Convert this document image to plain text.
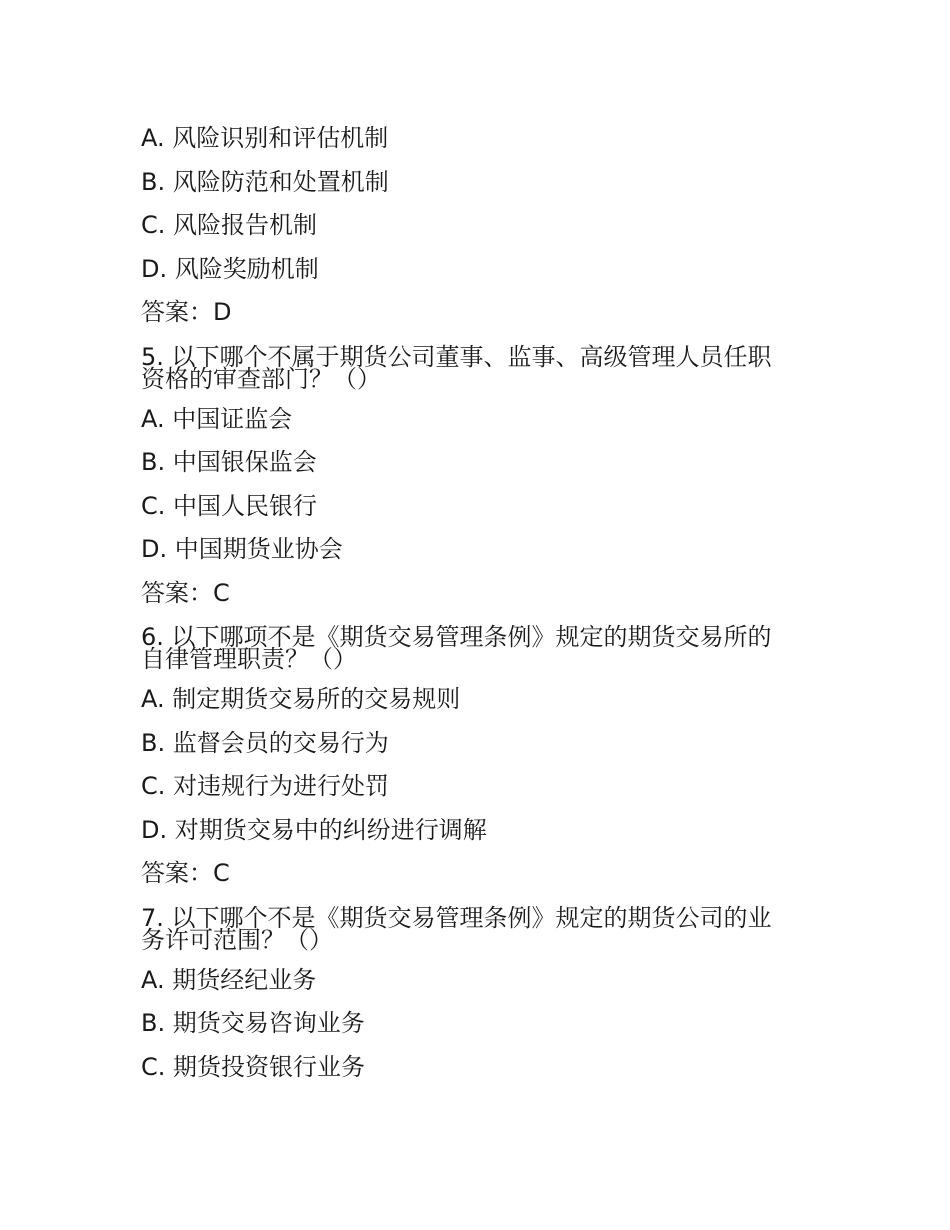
A. 风险识别和评估机制
B. 风险防范和处置机制
C. 风险报告机制
D. 风险奖励机制
答案：D
5. 以下哪个不属于期货公司董事、监事、高级管理人员任职
资格的审查部门？（）
A. 中国证监会
B. 中国银保监会
C. 中国人民银行
D. 中国期货业协会
答案：C
6. 以下哪项不是《期货交易管理条例》规定的期货交易所的
自律管理职责？（）
A. 制定期货交易所的交易规则
B. 监督会员的交易行为
C. 对违规行为进行处罚
D. 对期货交易中的纠纷进行调解
答案：C
7. 以下哪个不是《期货交易管理条例》规定的期货公司的业
务许可范围？（）
A. 期货经纪业务
B. 期货交易咨询业务
C. 期货投资银行业务
